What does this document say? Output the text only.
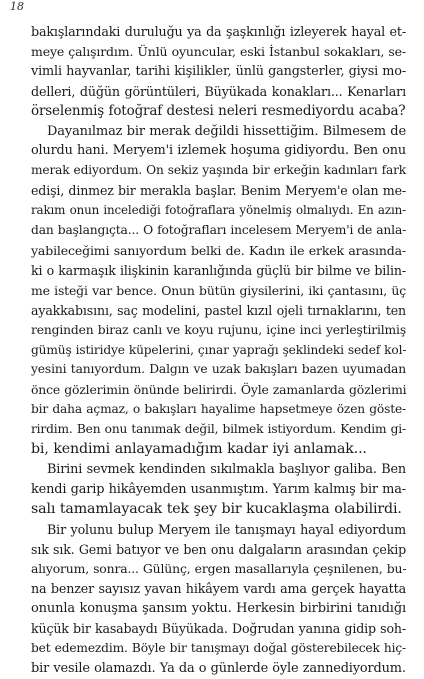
18
bakışlarındaki duruluğu ya da şaşkınlığı izleyerek hayal et-
meye çalışırdım. Ünlü oyuncular, eski İstanbul sokakları, se-
vimli hayvanlar, tarihi kişilikler, ünlü gangsterler, giysi mo-
delleri, düğün görüntüleri, Büyükada konakları... Kenarları
örselenmiş fotoğraf destesi neleri resmediyordu acaba?
Dayanılmaz bir merak değildi hissettiğim. Bilmesem de
olurdu hani. Meryem'i izlemek hoşuma gidiyordu. Ben onu
merak ediyordum. On sekiz yaşında bir erkeğin kadınları fark
edişi, dinmez bir merakla başlar. Benim Meryem'e olan me-
rakım onun incelediği fotoğraflara yönelmiş olmalıydı. En azın-
dan başlangıçta... O fotoğrafları incelesem Meryem'i de anla-
yabileceğimi sanıyordum belki de. Kadın ile erkek arasında-
ki o karmaşık ilişkinin karanlığında güçlü bir bilme ve bilin-
me isteği var bence. Onun bütün giysilerini, iki çantasını, üç
ayakkabısını, saç modelini, pastel kızıl ojeli tırnaklarını, ten
renginden biraz canlı ve koyu rujunu, içine inci yerleştirilmiş
gümüş istiridye küpelerini, çınar yaprağı şeklindeki sedef kol-
yesini tanıyordum. Dalgın ve uzak bakışları bazen uyumadan
önce gözlerimin önünde belirirdi. Öyle zamanlarda gözlerimi
bir daha açmaz, o bakışları hayalime hapsetmeye özen göste-
rirdim. Ben onu tanımak değil, bilmek istiyordum. Kendim gi-
bi, kendimi anlayamadığım kadar iyi anlamak...
Birini sevmek kendinden sıkılmakla başlıyor galiba. Ben
kendi garip hikâyemden usanmıştım. Yarım kalmış bir ma-
salı tamamlayacak tek şey bir kucaklaşma olabilirdi.
Bir yolunu bulup Meryem ile tanışmayı hayal ediyordum
sık sık. Gemi batıyor ve ben onu dalgaların arasından çekip
alıyorum, sonra... Gülünç, ergen masallarıyla çeşnilenen, bu-
na benzer sayısız yavan hikâyem vardı ama gerçek hayatta
onunla konuşma şansım yoktu. Herkesin birbirini tanıdığı
küçük bir kasabaydı Büyükada. Doğrudan yanına gidip soh-
bet edemezdim. Böyle bir tanışmayı doğal gösterebilecek hiç-
bir vesile olamazdı. Ya da o günlerde öyle zannediyordum.
